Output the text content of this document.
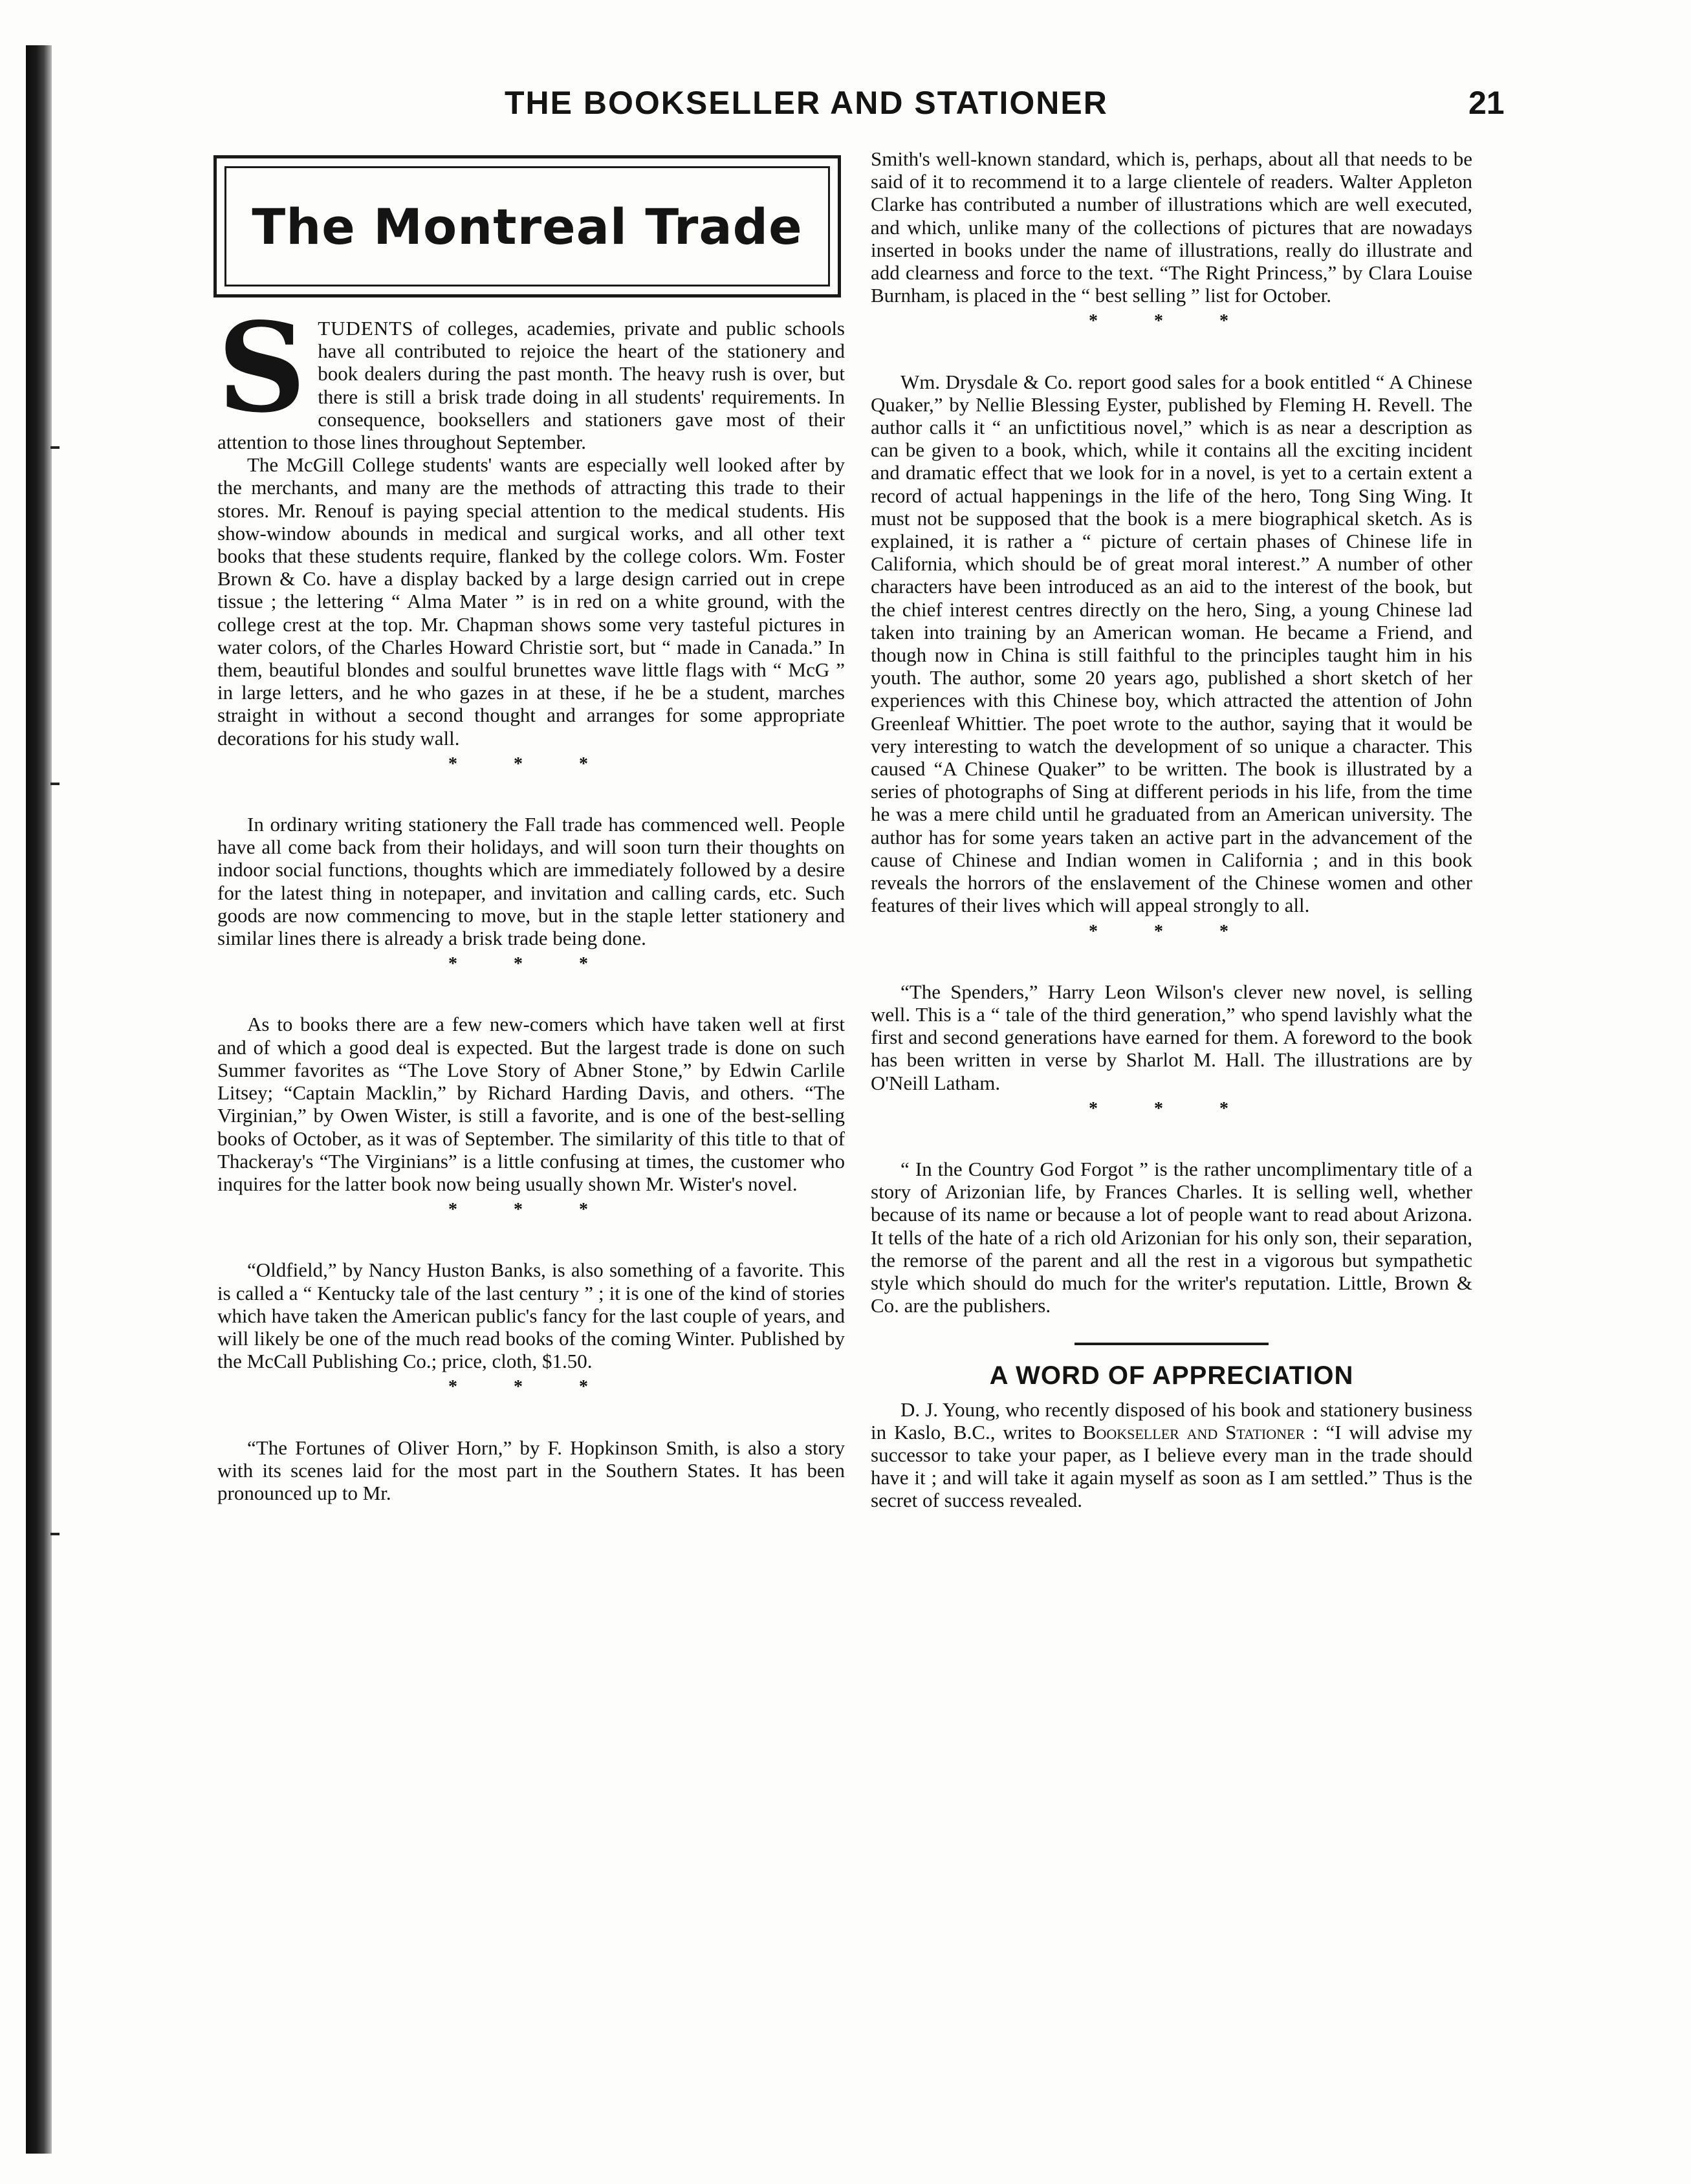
THE BOOKSELLER AND STATIONER	21
The Montreal Trade

S TUDENTS of colleges, academies, private and public schools have all contributed to rejoice the heart of the stationery and book dealers during the past month. The heavy rush is over, but there is still a brisk trade doing in all students' requirements. In consequence, booksellers and stationers gave most of their attention to those lines throughout September.

The McGill College students' wants are especially well looked after by the merchants, and many are the methods of attracting this trade to their stores. Mr. Renouf is paying special attention to the medical students. His show-window abounds in medical and surgical works, and all other text books that these students require, flanked by the college colors. Wm. Foster Brown & Co. have a display backed by a large design carried out in crepe tissue ; the lettering “ Alma Mater ” is in red on a white ground, with the college crest at the top. Mr. Chapman shows some very tasteful pictures in water colors, of the Charles Howard Christie sort, but “ made in Canada.” In them, beautiful blondes and soulful brunettes wave little flags with “ McG ” in large letters, and he who gazes in at these, if he be a student, marches straight in without a second thought and arranges for some appropriate decorations for his study wall.

* * *

In ordinary writing stationery the Fall trade has commenced well. People have all come back from their holidays, and will soon turn their thoughts on indoor social functions, thoughts which are immediately followed by a desire for the latest thing in notepaper, and invitation and calling cards, etc. Such goods are now commencing to move, but in the staple letter stationery and similar lines there is already a brisk trade being done.

* * *

As to books there are a few new-comers which have taken well at first and of which a good deal is expected. But the largest trade is done on such Summer favorites as “The Love Story of Abner Stone,” by Edwin Carlile Litsey; “Captain Macklin,” by Richard Harding Davis, and others. “The Virginian,” by Owen Wister, is still a favorite, and is one of the best-selling books of October, as it was of September. The similarity of this title to that of Thackeray's “The Virginians” is a little confusing at times, the customer who inquires for the latter book now being usually shown Mr. Wister's novel.

* * *

“Oldfield,” by Nancy Huston Banks, is also something of a favorite. This is called a “ Kentucky tale of the last century ” ; it is one of the kind of stories which have taken the American public's fancy for the last couple of years, and will likely be one of the much read books of the coming Winter. Published by the McCall Publishing Co.; price, cloth, $1.50.

* * *

“The Fortunes of Oliver Horn,” by F. Hopkinson Smith, is also a story with its scenes laid for the most part in the Southern States. It has been pronounced up to Mr.

Smith's well-known standard, which is, perhaps, about all that needs to be said of it to recommend it to a large clientele of readers. Walter Appleton Clarke has contributed a number of illustrations which are well executed, and which, unlike many of the collections of pictures that are nowadays inserted in books under the name of illustrations, really do illustrate and add clearness and force to the text. “The Right Princess,” by Clara Louise Burnham, is placed in the “ best selling ” list for October.

* * *

Wm. Drysdale & Co. report good sales for a book entitled “ A Chinese Quaker,” by Nellie Blessing Eyster, published by Fleming H. Revell. The author calls it “ an unfictitious novel,” which is as near a description as can be given to a book, which, while it contains all the exciting incident and dramatic effect that we look for in a novel, is yet to a certain extent a record of actual happenings in the life of the hero, Tong Sing Wing. It must not be supposed that the book is a mere biographical sketch. As is explained, it is rather a “ picture of certain phases of Chinese life in California, which should be of great moral interest.” A number of other characters have been introduced as an aid to the interest of the book, but the chief interest centres directly on the hero, Sing, a young Chinese lad taken into training by an American woman. He became a Friend, and though now in China is still faithful to the principles taught him in his youth. The author, some 20 years ago, published a short sketch of her experiences with this Chinese boy, which attracted the attention of John Greenleaf Whittier. The poet wrote to the author, saying that it would be very interesting to watch the development of so unique a character. This caused “A Chinese Quaker” to be written. The book is illustrated by a series of photographs of Sing at different periods in his life, from the time he was a mere child until he graduated from an American university. The author has for some years taken an active part in the advancement of the cause of Chinese and Indian women in California ; and in this book reveals the horrors of the enslavement of the Chinese women and other features of their lives which will appeal strongly to all.

* * *

“The Spenders,” Harry Leon Wilson's clever new novel, is selling well. This is a “ tale of the third generation,” who spend lavishly what the first and second generations have earned for them. A foreword to the book has been written in verse by Sharlot M. Hall. The illustrations are by O'Neill Latham.

* * *

“ In the Country God Forgot ” is the rather uncomplimentary title of a story of Arizonian life, by Frances Charles. It is selling well, whether because of its name or because a lot of people want to read about Arizona. It tells of the hate of a rich old Arizonian for his only son, their separation, the remorse of the parent and all the rest in a vigorous but sympathetic style which should do much for the writer's reputation. Little, Brown & Co. are the publishers.

A WORD OF APPRECIATION

D. J. Young, who recently disposed of his book and stationery business in Kaslo, B.C., writes to Bookseller and Stationer : “I will advise my successor to take your paper, as I believe every man in the trade should have it ; and will take it again myself as soon as I am settled.” Thus is the secret of success revealed.
